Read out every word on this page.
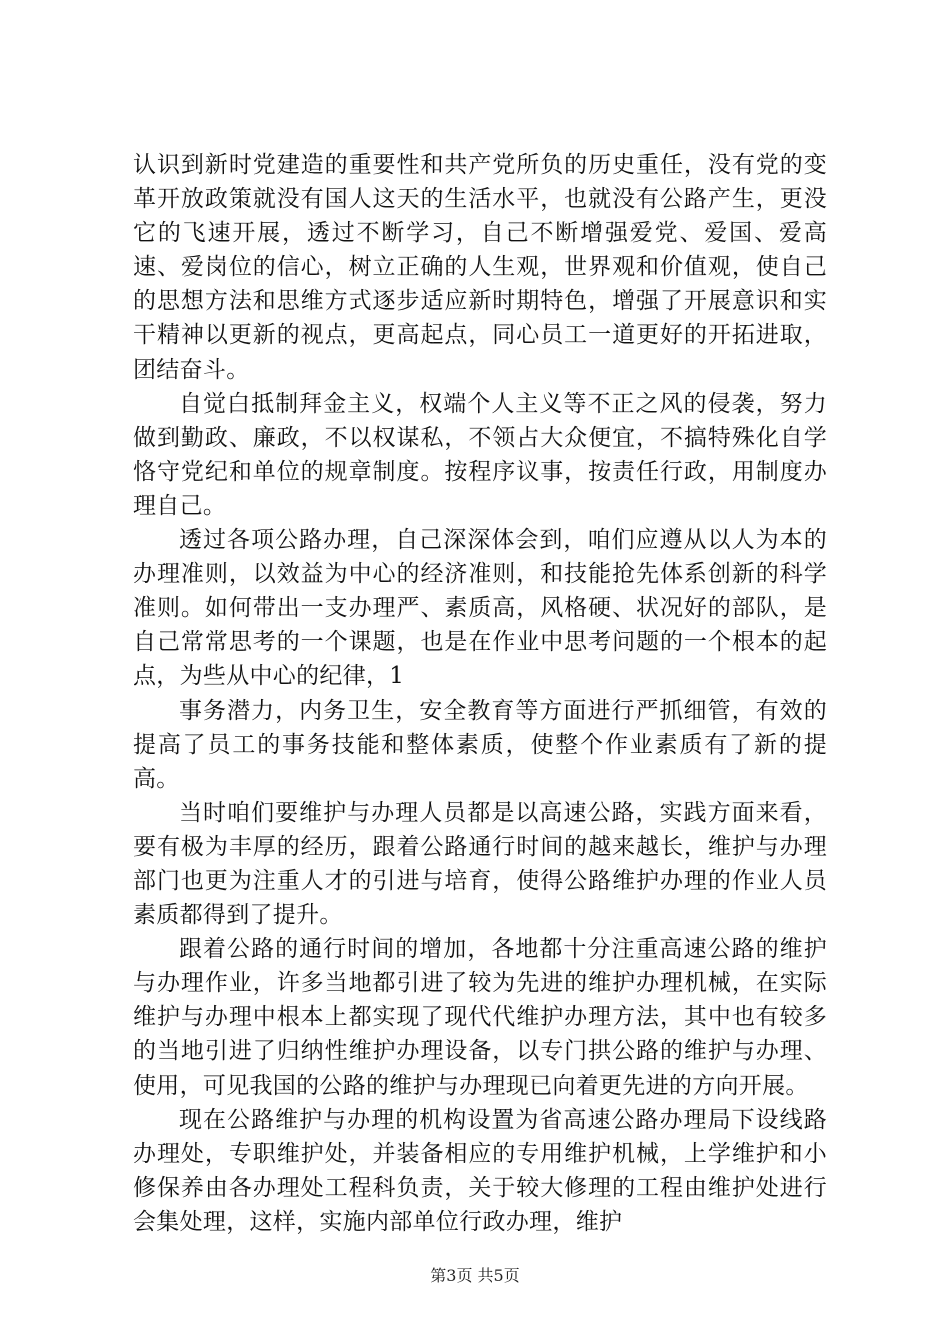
认识到新时党建造的重要性和共产党所负的历史重任，没有党的变革开放政策就没有国人这天的生活水平，也就没有公路产生，更没它的飞速开展，透过不断学习，自己不断增强爱党、爱国、爱高速、爱岗位的信心，树立正确的人生观，世界观和价值观，使自己的思想方法和思维方式逐步适应新时期特色，增强了开展意识和实干精神以更新的视点，更高起点，同心员工一道更好的开拓进取，团结奋斗。

自觉白抵制拜金主义，权端个人主义等不正之风的侵袭，努力做到勤政、廉政，不以权谋私，不领占大众便宜，不搞特殊化自学恪守党纪和单位的规章制度。按程序议事，按责任行政，用制度办理自己。

透过各项公路办理，自己深深体会到，咱们应遵从以人为本的办理准则，以效益为中心的经济准则，和技能抢先体系创新的科学准则。如何带出一支办理严、素质高，风格硬、状况好的部队，是自己常常思考的一个课题，也是在作业中思考问题的一个根本的起点，为些从中心的纪律，1

事务潜力，内务卫生，安全教育等方面进行严抓细管，有效的提高了员工的事务技能和整体素质，使整个作业素质有了新的提高。

当时咱们要维护与办理人员都是以高速公路，实践方面来看，要有极为丰厚的经历，跟着公路通行时间的越来越长，维护与办理部门也更为注重人才的引进与培育，使得公路维护办理的作业人员素质都得到了提升。

跟着公路的通行时间的增加，各地都十分注重高速公路的维护与办理作业，许多当地都引进了较为先进的维护办理机械，在实际维护与办理中根本上都实现了现代代维护办理方法，其中也有较多的当地引进了归纳性维护办理设备，以专门拱公路的维护与办理、使用，可见我国的公路的维护与办理现已向着更先进的方向开展。

现在公路维护与办理的机构设置为省高速公路办理局下设线路办理处，专职维护处，并装备相应的专用维护机械，上学维护和小修保养由各办理处工程科负责，关于较大修理的工程由维护处进行会集处理，这样，实施内部单位行政办理，维护

第3页 共5页
